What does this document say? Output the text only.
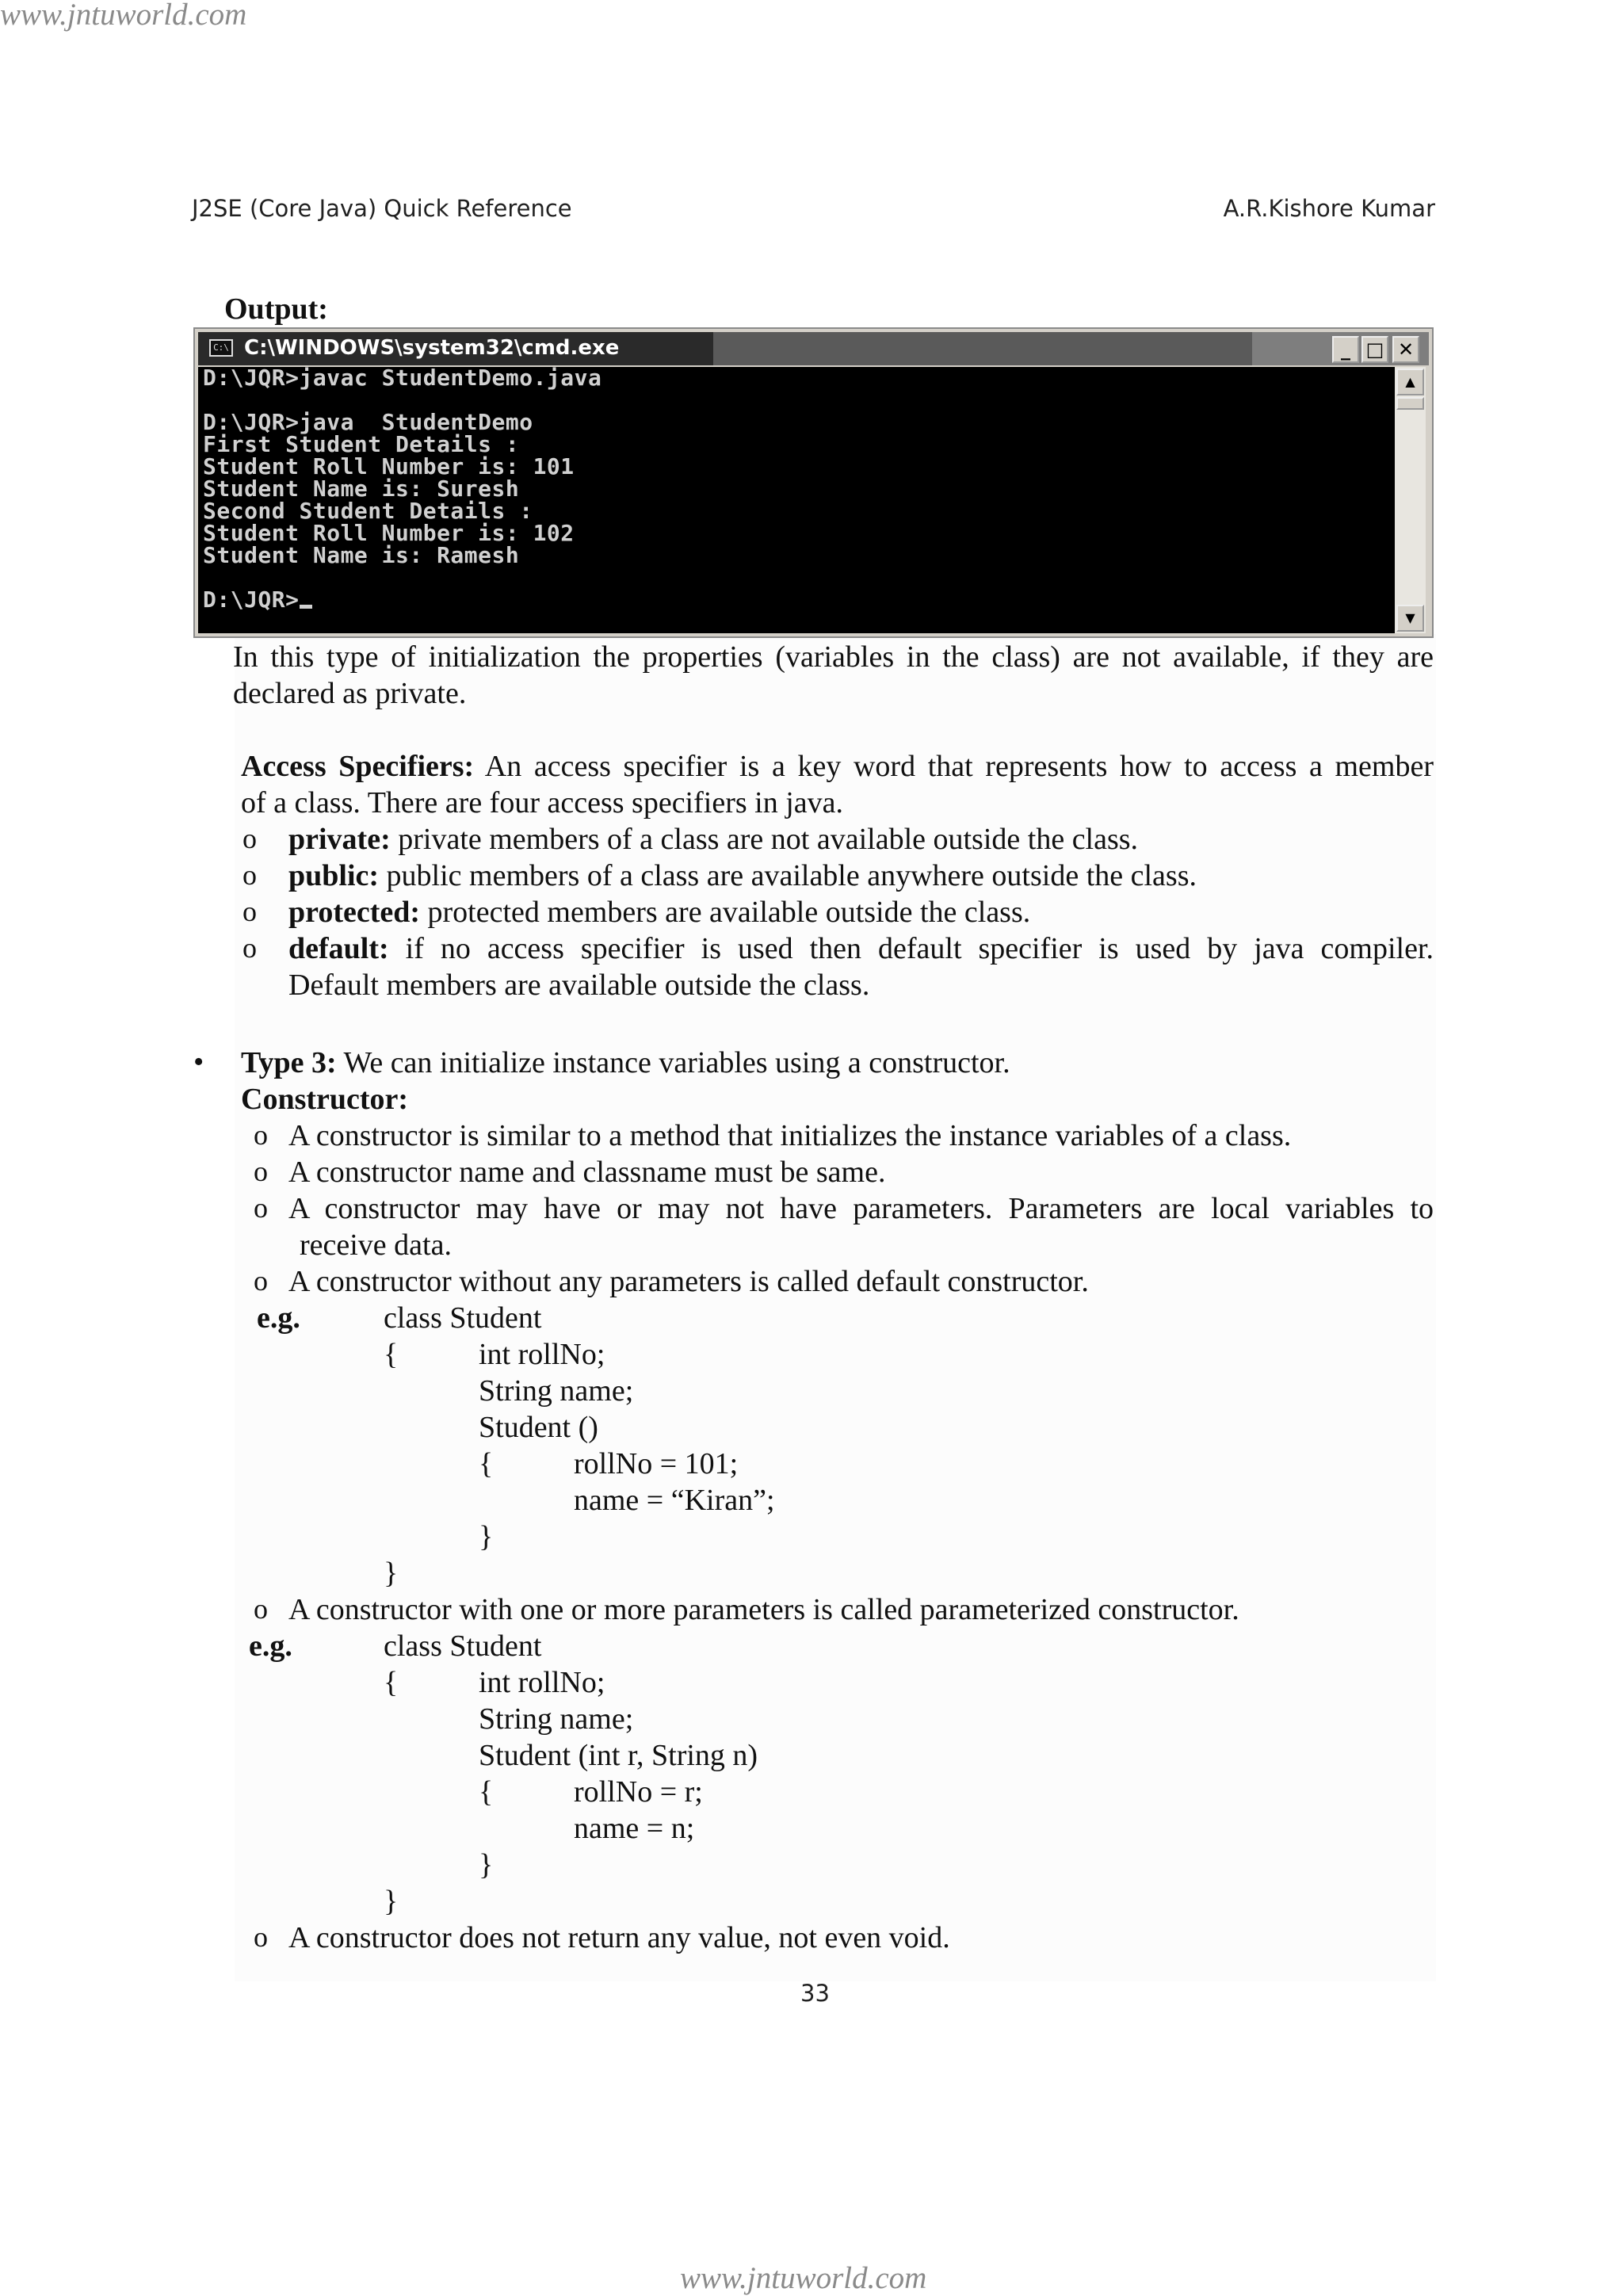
www.jntuworld.com
J2SE (Core Java) Quick Reference	A.R.Kishore Kumar
Output:
C:\ C:\WINDOWS\system32\cmd.exe	_ □ ✕
D:\JQR>javac StudentDemo.java
D:\JQR>java  StudentDemo
First Student Details :
Student Roll Number is: 101
Student Name is: Suresh
Second Student Details :
Student Roll Number is: 102
Student Name is: Ramesh
D:\JQR>
▲
▼
In this type of initialization the properties (variables in the class) are not available, if they are
declared as private.
Access Specifiers: An access specifier is a key word that represents how to access a member
of a class. There are four access specifiers in java.
o private: private members of a class are not available outside the class.
o public: public members of a class are available anywhere outside the class.
o protected: protected members are available outside the class.
o default: if no access specifier is used then default specifier is used by java compiler.
Default members are available outside the class.
• Type 3: We can initialize instance variables using a constructor.
Constructor:
o A constructor is similar to a method that initializes the instance variables of a class.
o A constructor name and classname must be same.
o A constructor may have or may not have parameters. Parameters are local variables to
receive data.
o A constructor without any parameters is called default constructor.
e.g.	class Student
{	int rollNo;
String name;
Student ()
{	rollNo = 101;
name = “Kiran”;
}
}
o A constructor with one or more parameters is called parameterized constructor.
e.g.	class Student
{	int rollNo;
String name;
Student (int r, String n)
{	rollNo = r;
name = n;
}
}
o A constructor does not return any value, not even void.
33
www.jntuworld.com
